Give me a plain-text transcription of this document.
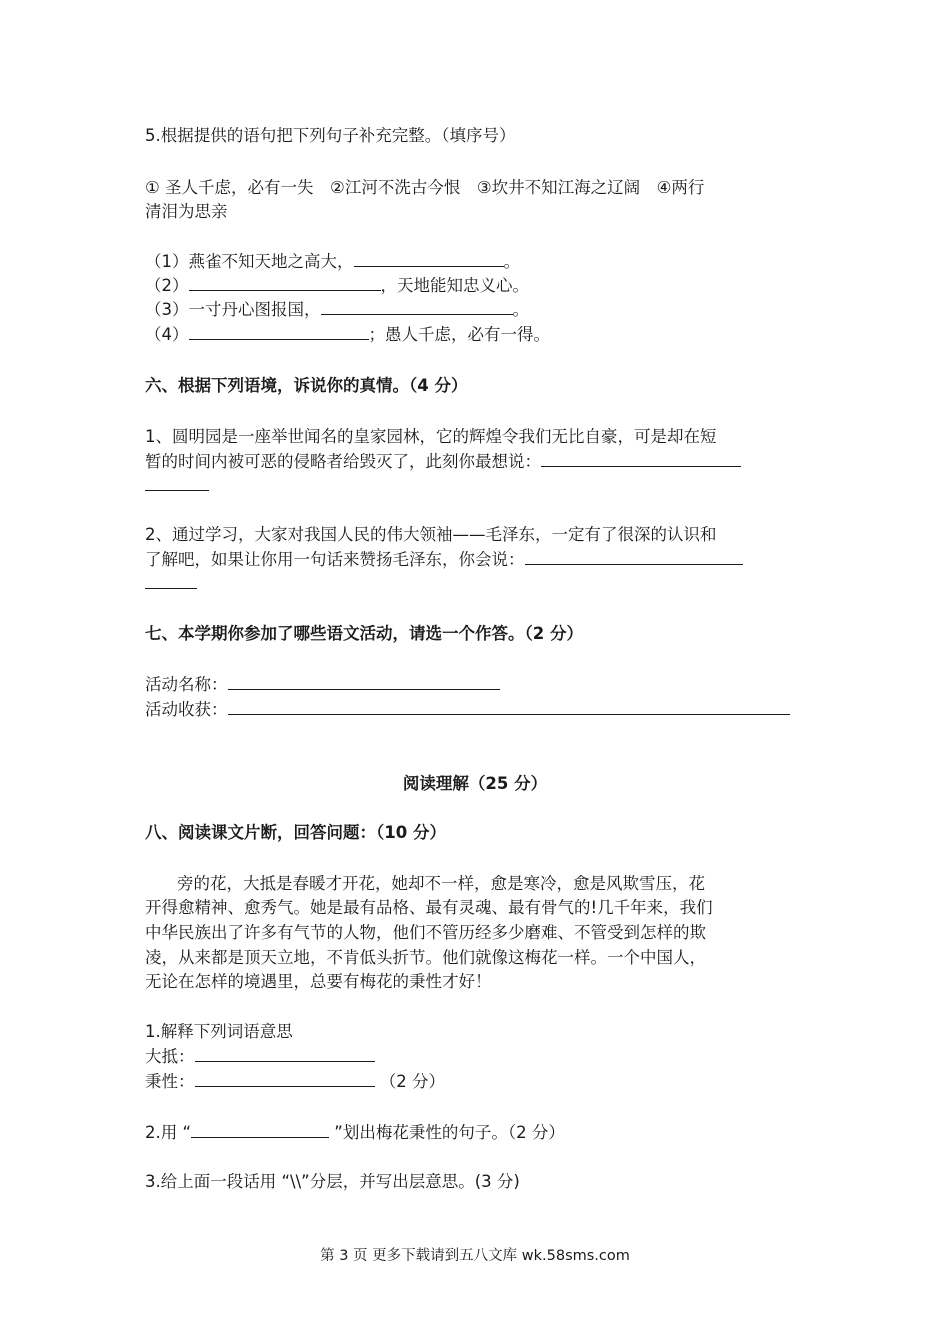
5.根据提供的语句把下列句子补充完整。（填序号）
① 圣人千虑，必有一失　②江河不洗古今恨　③坎井不知江海之辽阔　④两行
清泪为思亲
（1）燕雀不知天地之高大，	。
（2）	，天地能知忠义心。
（3）一寸丹心图报国，	。
（4）	；愚人千虑，必有一得。
六、根据下列语境，诉说你的真情。（4 分）
1、圆明园是一座举世闻名的皇家园林，它的辉煌令我们无比自豪，可是却在短
暂的时间内被可恶的侵略者给毁灭了，此刻你最想说：
2、通过学习，大家对我国人民的伟大领袖——毛泽东，一定有了很深的认识和
了解吧，如果让你用一句话来赞扬毛泽东，你会说：
七、本学期你参加了哪些语文活动，请选一个作答。（2 分）
活动名称：
活动收获：
阅读理解（25 分）
八、阅读课文片断，回答问题：（10 分）
旁的花，大抵是春暖才开花，她却不一样，愈是寒冷，愈是风欺雪压，花
开得愈精神、愈秀气。她是最有品格、最有灵魂、最有骨气的!几千年来，我们
中华民族出了许多有气节的人物，他们不管历经多少磨难、不管受到怎样的欺
凌，从来都是顶天立地，不肯低头折节。他们就像这梅花一样。一个中国人，
无论在怎样的境遇里，总要有梅花的秉性才好！
1.解释下列词语意思
大抵：
秉性：	（2 分）
2.用 “	”划出梅花秉性的句子。（2 分）
3.给上面一段话用 “\\”分层，并写出层意思。(3 分)
第 3 页 更多下载请到五八文库 wk.58sms.com
